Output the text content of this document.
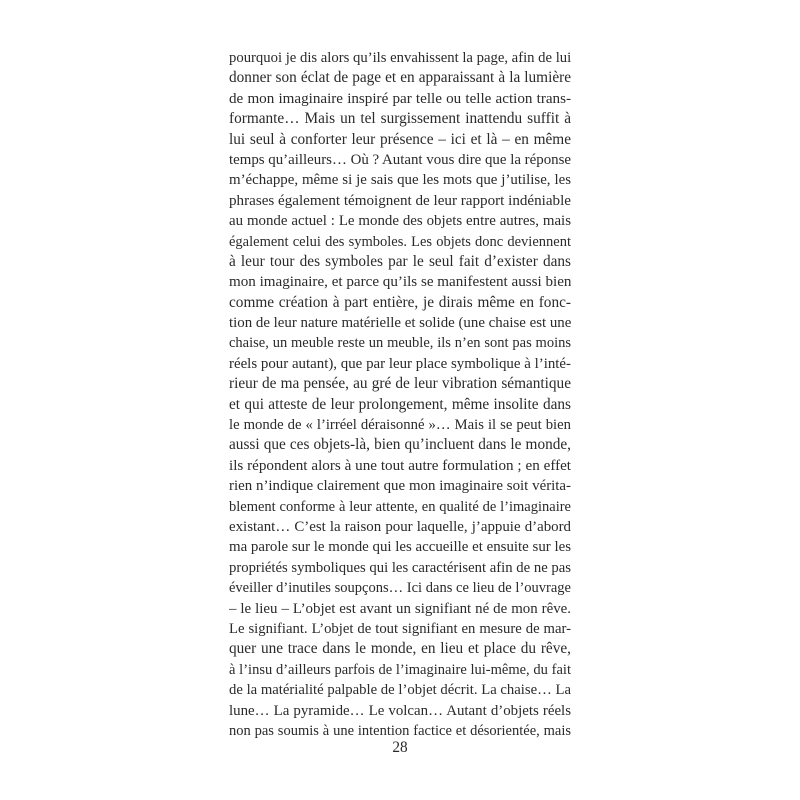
pourquoi je dis alors qu’ils envahissent la page, afin de lui
donner son éclat de page et en apparaissant à la lumière
de mon imaginaire inspiré par telle ou telle action trans-
formante… Mais un tel surgissement inattendu suffit à
lui seul à conforter leur présence – ici et là – en même
temps qu’ailleurs… Où ? Autant vous dire que la réponse
m’échappe, même si je sais que les mots que j’utilise, les
phrases également témoignent de leur rapport indéniable
au monde actuel : Le monde des objets entre autres, mais
également celui des symboles. Les objets donc deviennent
à leur tour des symboles par le seul fait d’exister dans
mon imaginaire, et parce qu’ils se manifestent aussi bien
comme création à part entière, je dirais même en fonc-
tion de leur nature matérielle et solide (une chaise est une
chaise, un meuble reste un meuble, ils n’en sont pas moins
réels pour autant), que par leur place symbolique à l’inté-
rieur de ma pensée, au gré de leur vibration sémantique
et qui atteste de leur prolongement, même insolite dans
le monde de « l’irréel déraisonné »… Mais il se peut bien
aussi que ces objets-là, bien qu’incluent dans le monde,
ils répondent alors à une tout autre formulation ; en effet
rien n’indique clairement que mon imaginaire soit vérita-
blement conforme à leur attente, en qualité de l’imaginaire
existant… C’est la raison pour laquelle, j’appuie d’abord
ma parole sur le monde qui les accueille et ensuite sur les
propriétés symboliques qui les caractérisent afin de ne pas
éveiller d’inutiles soupçons… Ici dans ce lieu de l’ouvrage
– le lieu – L’objet est avant un signifiant né de mon rêve.
Le signifiant. L’objet de tout signifiant en mesure de mar-
quer une trace dans le monde, en lieu et place du rêve,
à l’insu d’ailleurs parfois de l’imaginaire lui-même, du fait
de la matérialité palpable de l’objet décrit. La chaise… La
lune… La pyramide… Le volcan… Autant d’objets réels
non pas soumis à une intention factice et désorientée, mais
28
